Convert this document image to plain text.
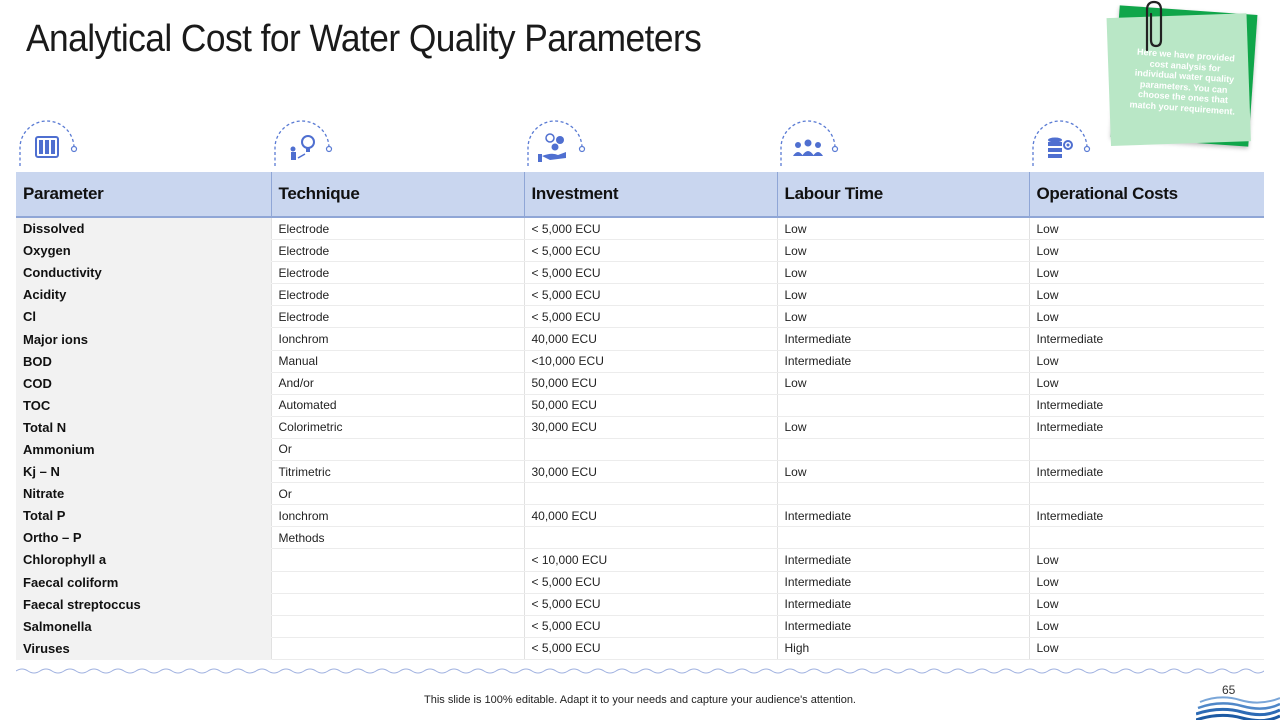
Analytical Cost for Water Quality Parameters	Here we have provided cost analysis for individual water quality parameters. You can choose the ones that match your requirement.
Parameter	Technique	Investment	Labour Time	Operational Costs
Dissolved	Electrode	< 5,000 ECU	Low	Low
Oxygen	Electrode	< 5,000 ECU	Low	Low
Conductivity	Electrode	< 5,000 ECU	Low	Low
Acidity	Electrode	< 5,000 ECU	Low	Low
Cl	Electrode	< 5,000 ECU	Low	Low
Major ions	Ionchrom	40,000 ECU	Intermediate	Intermediate
BOD	Manual	<10,000 ECU	Intermediate	Low
COD	And/or	50,000 ECU	Low	Low
TOC	Automated	50,000 ECU		Intermediate
Total N	Colorimetric	30,000 ECU	Low	Intermediate
Ammonium	Or			
Kj – N	Titrimetric	30,000 ECU	Low	Intermediate
Nitrate	Or			
Total P	Ionchrom	40,000 ECU	Intermediate	Intermediate
Ortho – P	Methods			
Chlorophyll a		< 10,000 ECU	Intermediate	Low
Faecal coliform		< 5,000 ECU	Intermediate	Low
Faecal streptoccus		< 5,000 ECU	Intermediate	Low
Salmonella		< 5,000 ECU	Intermediate	Low
Viruses		< 5,000 ECU	High	Low
This slide is 100% editable. Adapt it to your needs and capture your audience's attention.
65
